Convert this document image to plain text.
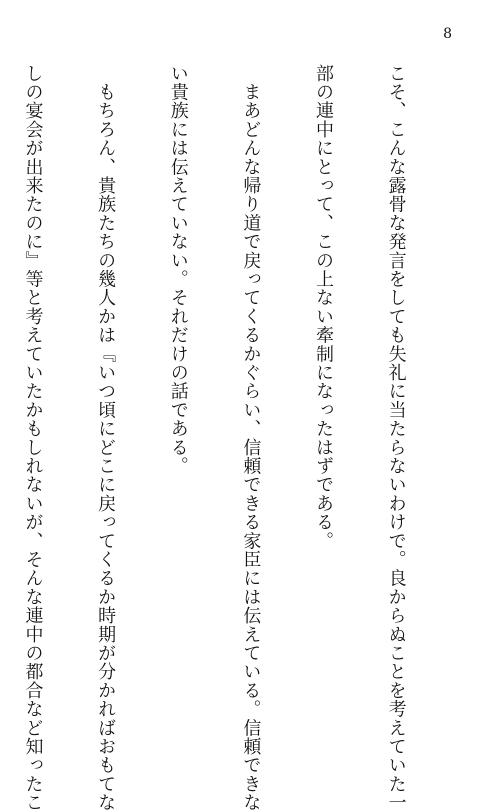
8

こそ、こんな露骨な発言をしても失礼に当たらないわけで。良からぬことを考えていた一

部の連中にとって、この上ない牽制になったはずである。

　まあどんな帰り道で戻ってくるかぐらい、信頼できる家臣には伝えている。信頼できな

い貴族には伝えていない。それだけの話である。

　もちろん、貴族たちの幾人かは『いつ頃にどこに戻ってくるか時期が分かればおもてな

しの宴会が出来たのに』等と考えていたかもしれないが、そんな連中の都合など知ったこ
